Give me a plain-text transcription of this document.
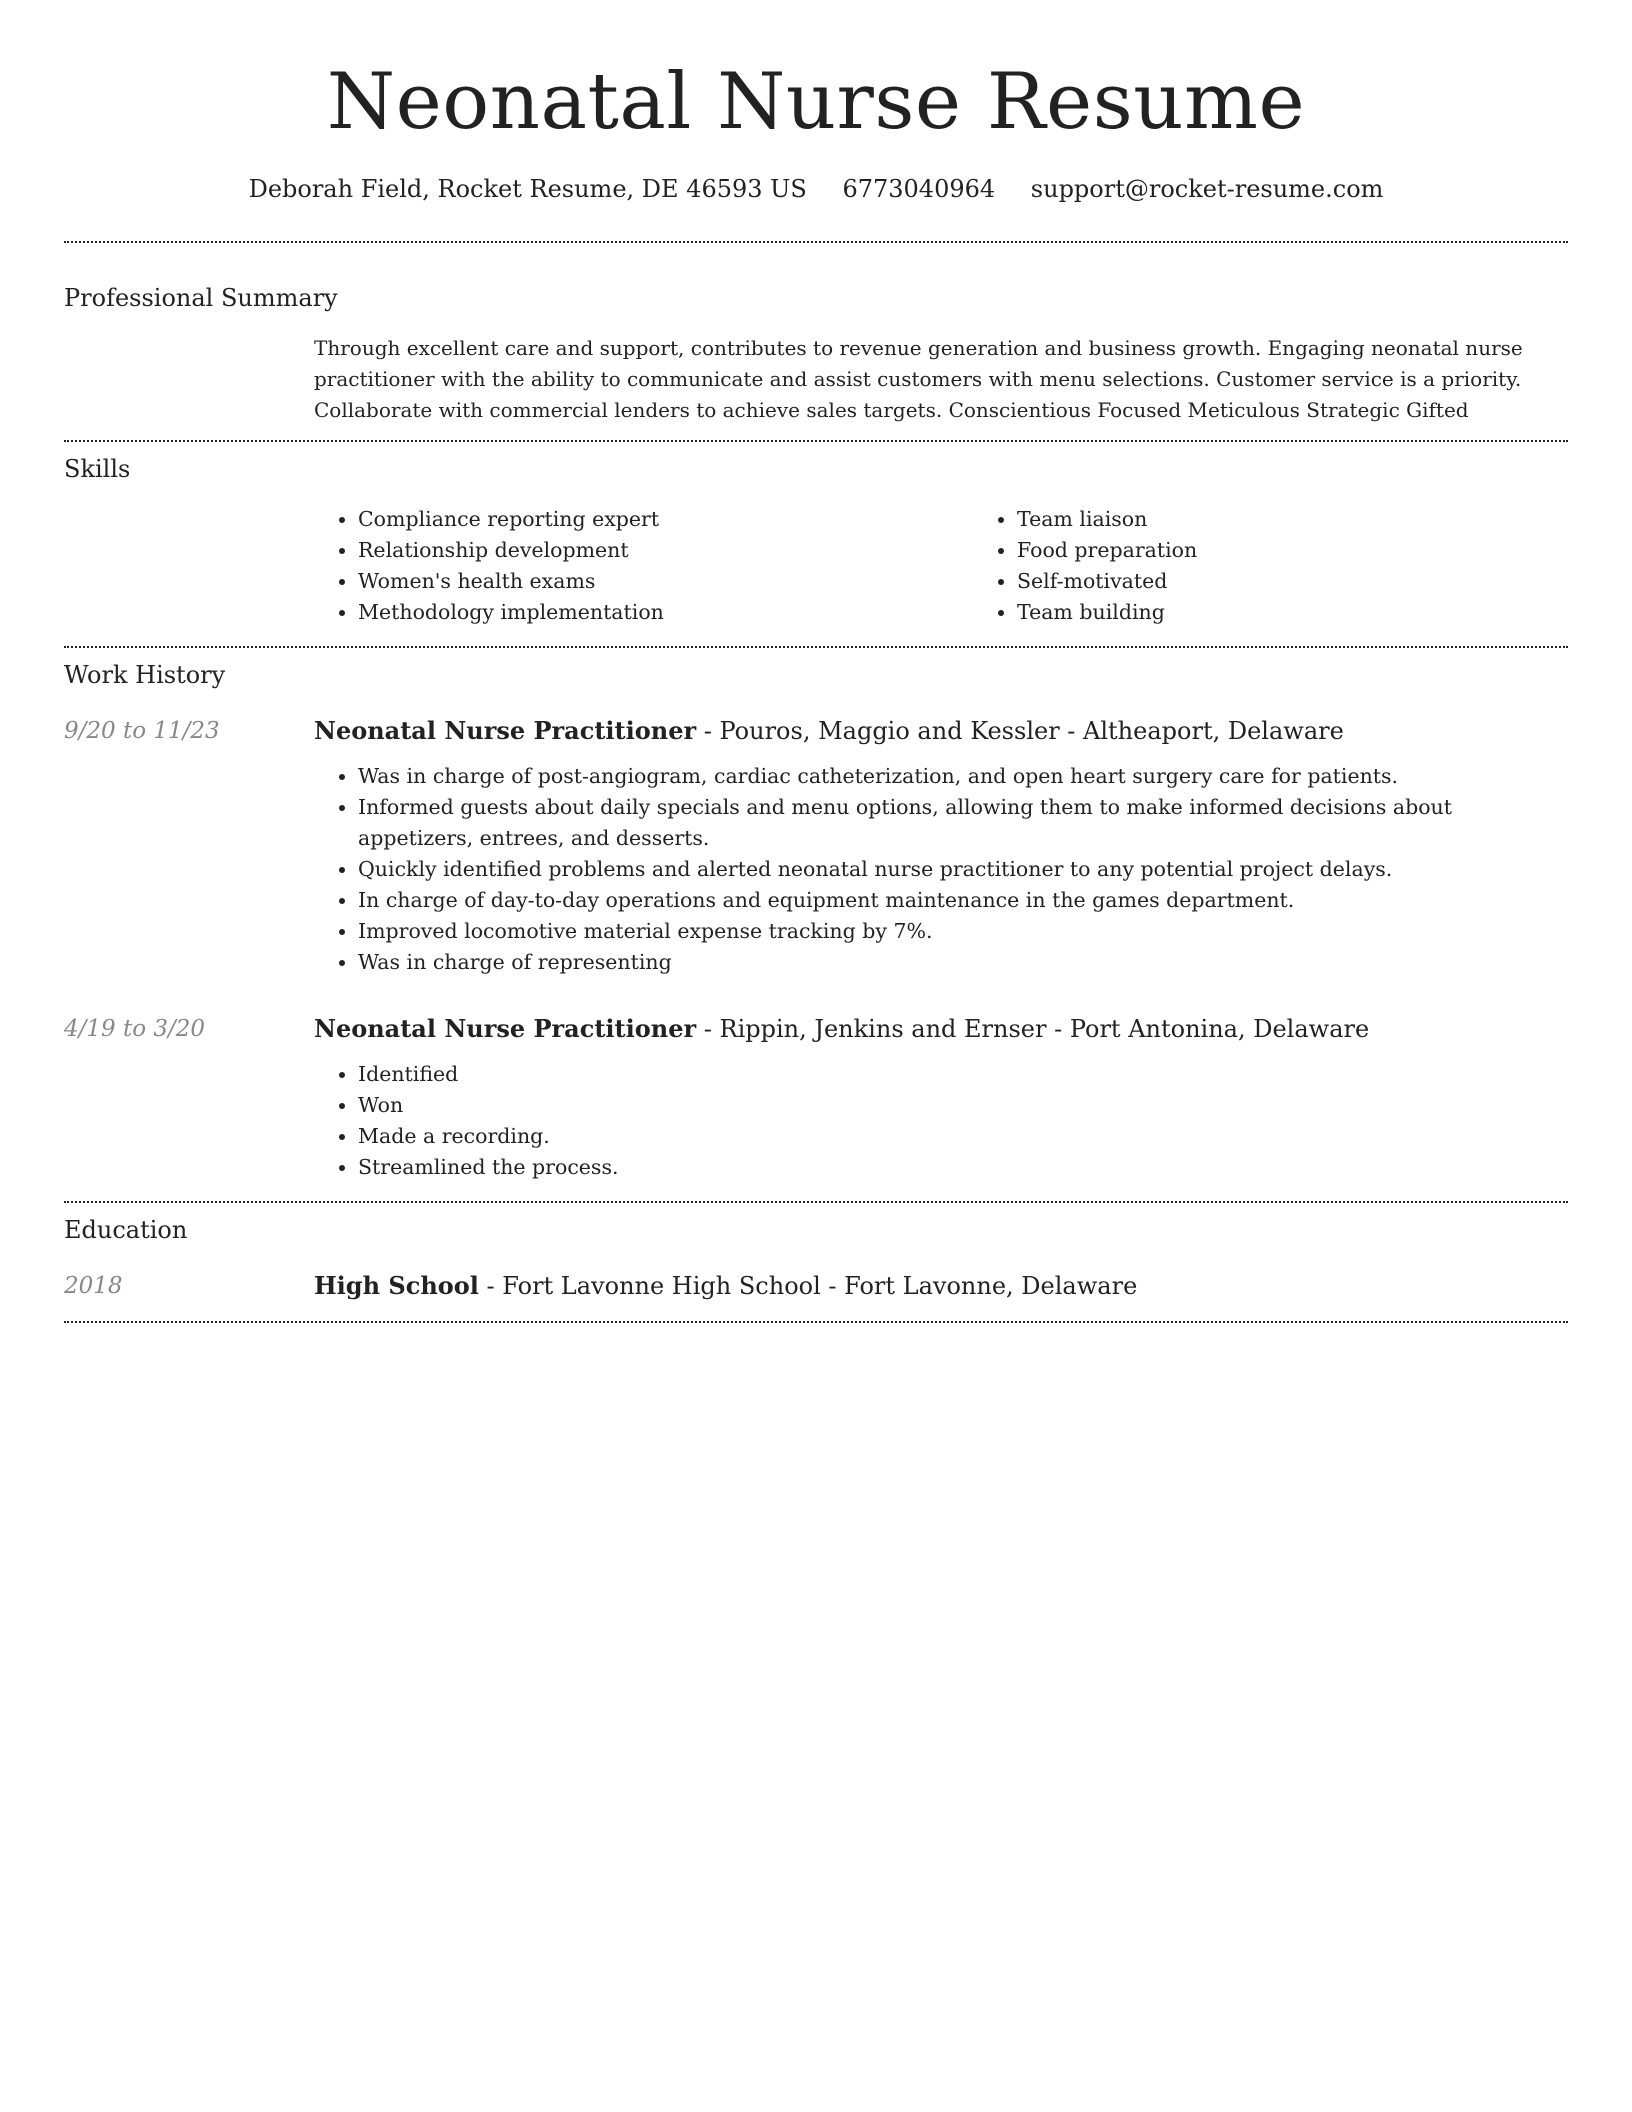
Neonatal Nurse Resume
Deborah Field, Rocket Resume, DE 46593 US 6773040964 support@rocket-resume.com
Professional Summary

Through excellent care and support, contributes to revenue generation and business growth. Engaging neonatal nurse practitioner with the ability to communicate and assist customers with menu selections. Customer service is a priority. Collaborate with commercial lenders to achieve sales targets. Conscientious Focused Meticulous Strategic Gifted

Skills
• Compliance reporting expert
• Relationship development
• Women's health exams
• Methodology implementation
• Team liaison
• Food preparation
• Self-motivated
• Team building
Work History
9/20 to 11/23	Neonatal Nurse Practitioner - Pouros, Maggio and Kessler - Altheaport, Delaware

• Was in charge of post-angiogram, cardiac catheterization, and open heart surgery care for patients.
• Informed guests about daily specials and menu options, allowing them to make informed decisions about appetizers, entrees, and desserts.
• Quickly identified problems and alerted neonatal nurse practitioner to any potential project delays.
• In charge of day-to-day operations and equipment maintenance in the games department.
• Improved locomotive material expense tracking by 7%.
• Was in charge of representing
4/19 to 3/20	Neonatal Nurse Practitioner - Rippin, Jenkins and Ernser - Port Antonina, Delaware

• Identified
• Won
• Made a recording.
• Streamlined the process.
Education
2018	High School - Fort Lavonne High School - Fort Lavonne, Delaware
